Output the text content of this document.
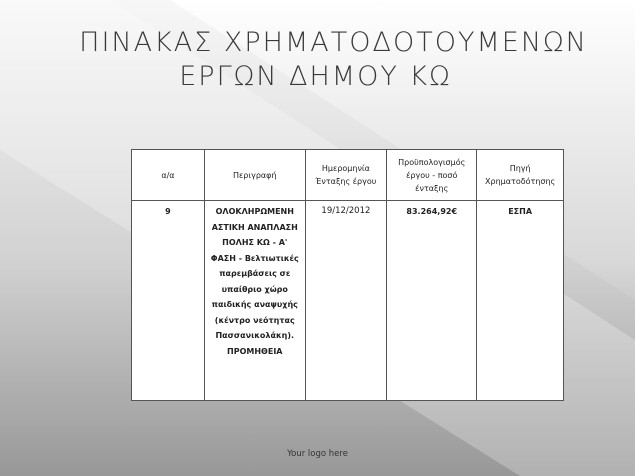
ΠΙΝΑΚΑΣ ΧΡΗΜΑΤΟΔΟΤΟΥΜΕΝΩΝ
ΕΡΓΩΝ ΔΗΜΟΥ ΚΩ
α/α	Περιγραφή	Ημερομηνία Ένταξης έργου	Προϋπολογισμός έργου - ποσό ένταξης	Πηγή Χρηματοδότησης
9	ΟΛΟΚΛΗΡΩΜΕΝΗ ΑΣΤΙΚΗ ΑΝΑΠΛΑΣΗ ΠΟΛΗΣ ΚΩ - Α' ΦΑΣΗ - Βελτιωτικές παρεμβάσεις σε υπαίθριο χώρο παιδικής αναψυχής (κέντρο νεότητας Πασσανικολάκη). ΠΡΟΜΗΘΕΙΑ	19/12/2012	83.264,92€	ΕΣΠΑ
Your logo here
